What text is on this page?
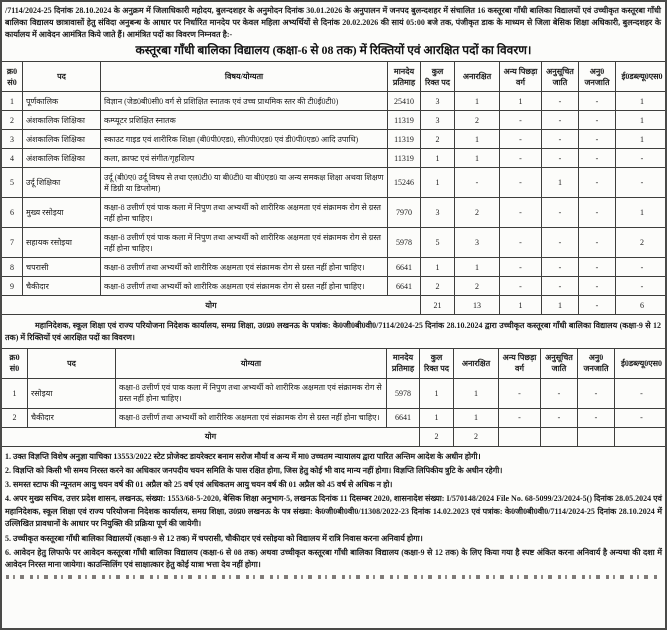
/7114/2024-25 दिनांक 28.10.2024 के अनुक्रम में जिलाधिकारी महोदय, बुलन्दशहर के अनुमोदन दिनांक 30.01.2026 के अनुपालन में जनपद बुलन्दशहर में संचालित 16 कस्तूरबा गाँधी बालिका विद्यालयों एवं उच्चीकृत कस्तूरबा गाँधी बालिका विद्यालय छात्रावासों हेतु संविदा अनुबन्ध के आधार पर निर्धारित मानदेय पर केवल महिला अभ्यर्थियों से दिनांक 20.02.2026 की सायं 05:00 बजे तक, पंजीकृत डाक के माध्यम से जिला बेसिक शिक्षा अधिकारी, बुलन्दशहर के कार्यालय में आवेदन आमंत्रित किये जाते हैं। आमंत्रित पदों का विवरण निम्नवत है:-

कस्तूरबा गाँधी बालिका विद्यालय (कक्षा-6 से 08 तक) में रिक्तियों एवं आरक्षित पदों का विवरण।
क्र0 सं0	पद	विषय/योग्यता	मानदेय प्रतिमाह	कुल रिक्त पद	अनारक्षित	अन्य पिछड़ा वर्ग	अनुसूचित जाति	अनु0 जनजाति	ई0डब्ल्यू0एस0
1	पूर्णकालिक	विज्ञान (जेड0बी0सी0 वर्ग से प्रशिक्षित स्नातक एवं उच्च प्राथमिक स्तर की टी0ई0टी0)	25410	3	1	1	-	-	1
2	अंशकालिक शिक्षिका	कम्प्यूटर प्रशिक्षित स्नातक	11319	3	2	-	-	-	1
3	अंशकालिक शिक्षिका	स्काउट गाइड एवं शारीरिक शिक्षा (बी0पी0एड0, सी0पी0एड0 एवं डी0पी0एड0 आदि उपाधि)	11319	2	1	-	-	-	1
4	अंशकालिक शिक्षिका	कला, क्राफ्ट एवं संगीत/गृहशिल्प	11319	1	1	-	-	-	-
5	उर्दू शिक्षिका	उर्दू (बी0ए0 उर्दू विषय से तथा एल0टी0 या बी0टी0 या बी0एड0 या अन्य समकक्ष शिक्षा अथवा शिक्षण में डिग्री या डिप्लोमा)	15246	1	-	-	1	-	-
6	मुख्य रसोइया	कक्षा-8 उत्तीर्ण एवं पाक कला में निपुण तथा अभ्यर्थी को शारीरिक अक्षमता एवं संक्रामक रोग से ग्रस्त नहीं होना चाहिए।	7970	3	2	-	-	-	1
7	सहायक रसोइया	कक्षा-8 उत्तीर्ण एवं पाक कला में निपुण तथा अभ्यर्थी को शारीरिक अक्षमता एवं संक्रामक रोग से ग्रस्त नहीं होना चाहिए।	5978	5	3	-	-	-	2
8	चपरासी	कक्षा-8 उत्तीर्ण तथा अभ्यर्थी को शारीरिक अक्षमता एवं संक्रामक रोग से ग्रस्त नहीं होना चाहिए।	6641	1	1	-	-	-	-
9	चैकीदार	कक्षा-8 उत्तीर्ण तथा अभ्यर्थी को शारीरिक अक्षमता एवं संक्रामक रोग से ग्रस्त नहीं होना चाहिए।	6641	2	2	-	-	-	-
योग				21	13	1	1	-	6

महानिदेशक, स्कूल शिक्षा एवं राज्य परियोजना निदेशक कार्यालय, समग्र शिक्षा, उ0प्र0 लखनऊ के पत्रांक: के0जी0बी0वी0/7114/2024-25 दिनांक 28.10.2024 द्वारा उच्चीकृत कस्तूरबा गाँधी बालिका विद्यालय (कक्षा-9 से 12 तक) में रिक्तियों एवं आरक्षित पदों का विवरण।

क्र0 सं0	पद	योग्यता	मानदेय प्रतिमाह	कुल रिक्त पद	अनारक्षित	अन्य पिछड़ा वर्ग	अनुसूचित जाति	अनु0 जनजाति	ई0डब्ल्यू0एस0
1	रसोइया	कक्षा-8 उत्तीर्ण एवं पाक कला में निपुण तथा अभ्यर्थी को शारीरिक अक्षमता एवं संक्रामक रोग से ग्रस्त नहीं होना चाहिए।	5978	1	1	-	-	-	-
2	चैकीदार	कक्षा-8 उत्तीर्ण तथा अभ्यर्थी को शारीरिक अक्षमता एवं संक्रामक रोग से ग्रस्त नहीं होना चाहिए।	6641	1	1	-	-	-	-
योग				2	2				
1. उक्त विज्ञप्ति विशेष अनुज्ञा याचिका 13553/2022 स्टेट प्रोजेक्ट डायरेक्टर बनाम सरोज मौर्या व अन्य में मा0 उच्चतम न्यायालय द्वारा पारित अन्तिम आदेश के अधीन होगी।
2. विज्ञप्ति को किसी भी समय निरस्त करने का अधिकार जनपदीय चयन समिति के पास रक्षित होगा, जिस हेतु कोई भी वाद मान्य नहीं होगा। विज्ञप्ति लिपिकीय त्रुटि के अधीन रहेगी।
3. समस्त स्टाफ की न्यूनतम आयु चयन वर्ष की 01 अप्रैल को 25 वर्ष एवं अधिकतम आयु चयन वर्ष की 01 अप्रैल को 45 वर्ष से अधिक न हो।
4. अपर मुख्य सचिव, उत्तर प्रदेश शासन, लखनऊ, संख्या: 1553/68-5-2020, बेसिक शिक्षा अनुभाग-5, लखनऊ दिनांक 11 दिसम्बर 2020, शासनादेश संख्या: I/570148/2024 File No. 68-5099/23/2024-5() दिनांक 28.05.2024 एवं महानिदेशक, स्कूल शिक्षा एवं राज्य परियोजना निदेशक कार्यालय, समग्र शिक्षा, उ0प्र0 लखनऊ के पत्र संख्या: के0जी0बी0वी0/11308/2022-23 दिनांक 14.02.2023 एवं पत्रांक: के0जी0बी0वी0/7114/2024-25 दिनांक 28.10.2024 में उल्लिखित प्रावधानों के आधार पर नियुक्ति की प्रक्रिया पूर्ण की जायेगी।
5. उच्चीकृत कस्तूरबा गाँधी बालिका विद्यालयों (कक्षा-9 से 12 तक) में चपरासी, चौकीदार एवं रसोइया को विद्यालय में रात्रि निवास करना अनिवार्य होगा।
6. आवेदन हेतु लिफाफे पर आवेदन कस्तूरबा गाँधी बालिका विद्यालय (कक्षा-6 से 08 तक) अथवा उच्चीकृत कस्तूरबा गाँधी बालिका विद्यालय (कक्षा-9 से 12 तक) के लिए किया गया है स्पष्ट अंकित करना अनिवार्य है अन्यथा की दशा में आवेदन निरस्त माना जायेगा। काउन्सिलिंग एवं साक्षात्कार हेतु कोई यात्रा भत्ता देय नहीं होगा।
